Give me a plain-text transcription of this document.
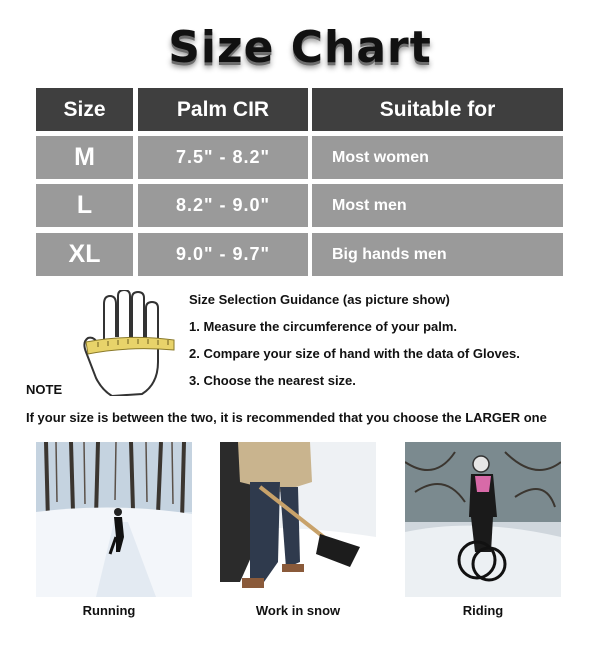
Size Chart
Size	Palm CIR	Suitable for
M	7.5" - 8.2"	Most women
L	8.2" - 9.0"	Most men
XL	9.0" - 9.7"	Big hands men
Size Selection Guidance (as picture show)
1. Measure the circumference of your palm.
2. Compare your size of hand with the data of Gloves.
3. Choose the nearest size.
NOTE
If your size is between the two, it is recommended that you choose the LARGER one
Running	Work in snow	Riding
